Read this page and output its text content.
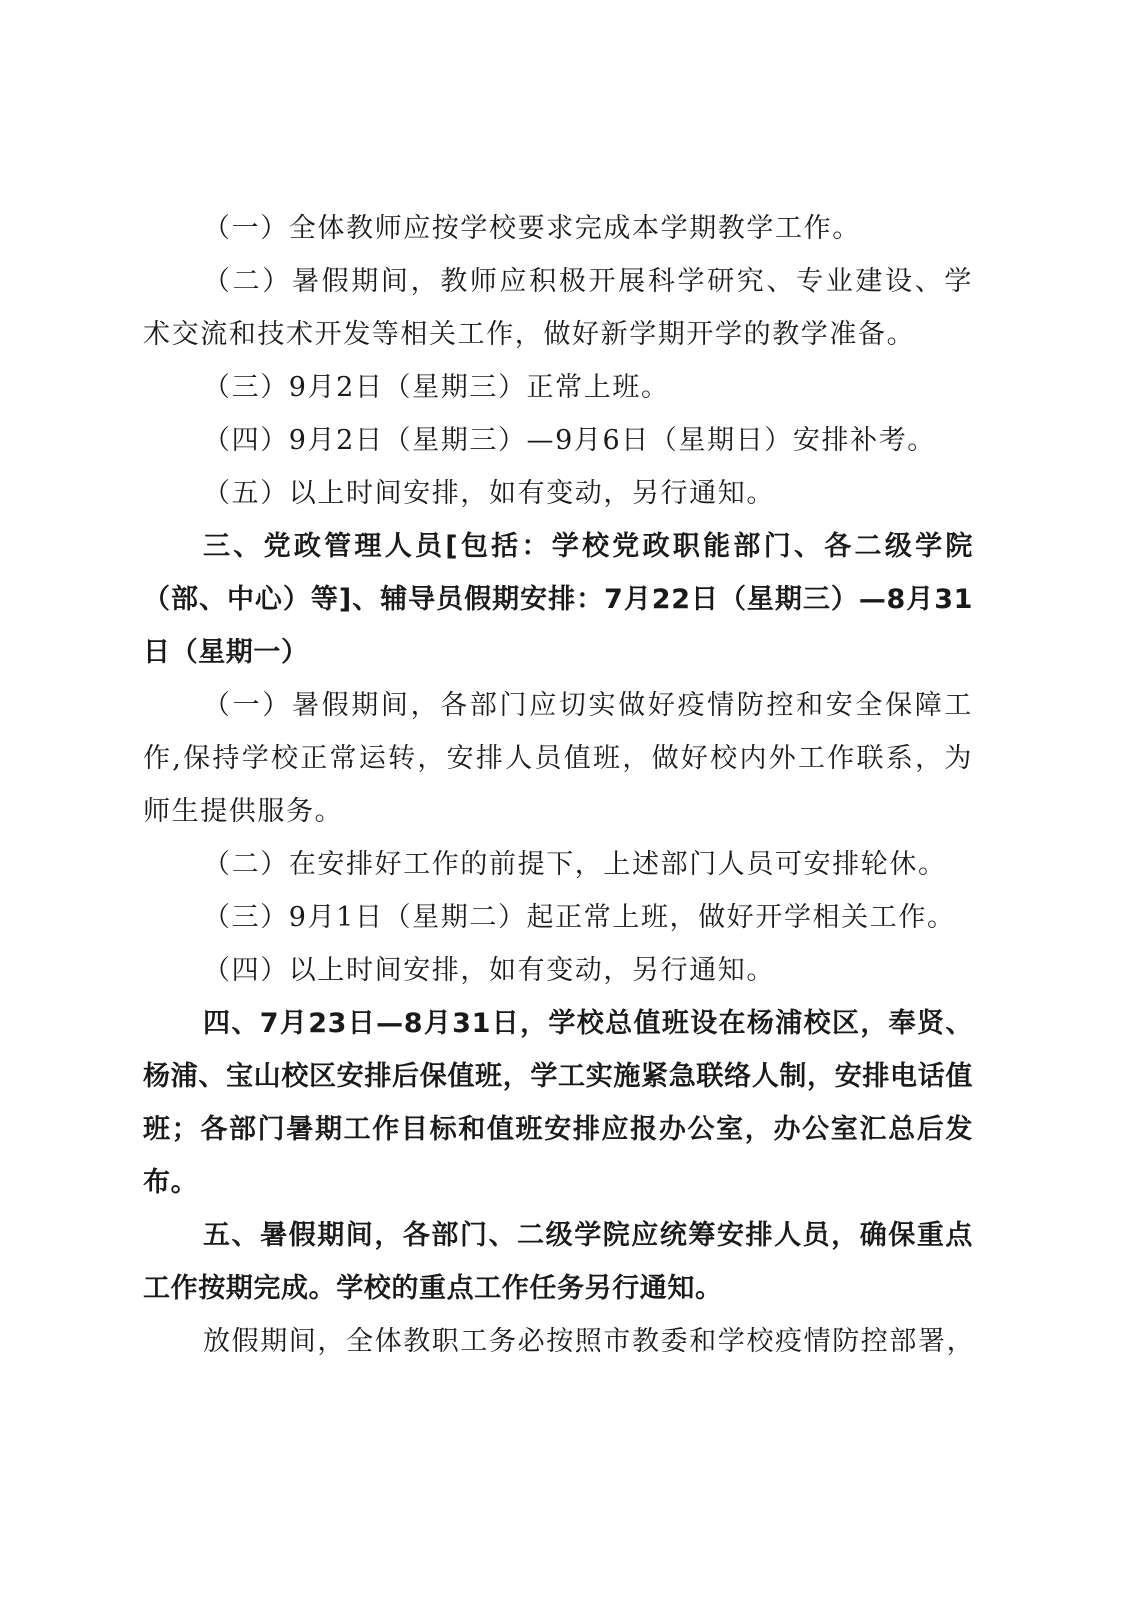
（一）全体教师应按学校要求完成本学期教学工作。

（二）暑假期间，教师应积极开展科学研究、专业建设、学术交流和技术开发等相关工作，做好新学期开学的教学准备。

（三）9月2日（星期三）正常上班。

（四）9月2日（星期三）—9月6日（星期日）安排补考。

（五）以上时间安排，如有变动，另行通知。

三、党政管理人员[包括：学校党政职能部门、各二级学院（部、中心）等]、辅导员假期安排：7月22日（星期三）—8月31日（星期一）

（一）暑假期间，各部门应切实做好疫情防控和安全保障工作,保持学校正常运转，安排人员值班，做好校内外工作联系，为师生提供服务。

（二）在安排好工作的前提下，上述部门人员可安排轮休。

（三）9月1日（星期二）起正常上班，做好开学相关工作。

（四）以上时间安排，如有变动，另行通知。

四、7月23日—8月31日，学校总值班设在杨浦校区，奉贤、杨浦、宝山校区安排后保值班，学工实施紧急联络人制，安排电话值班；各部门暑期工作目标和值班安排应报办公室，办公室汇总后发布。

五、暑假期间，各部门、二级学院应统筹安排人员，确保重点工作按期完成。学校的重点工作任务另行通知。

放假期间，全体教职工务必按照市教委和学校疫情防控部署，
